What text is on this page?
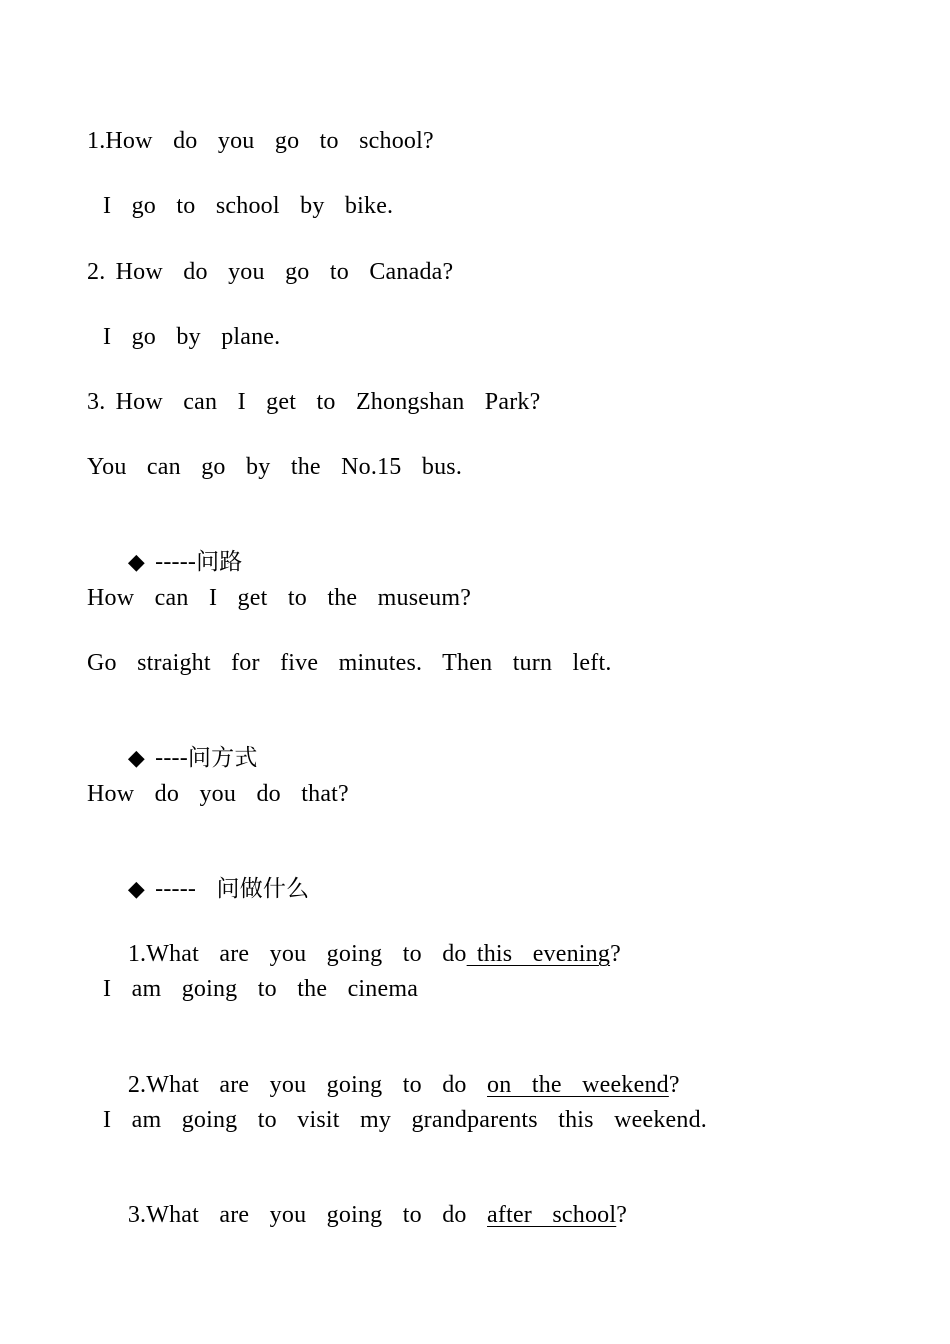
1.How  do  you  go  to  school?
I  go  to  school  by  bike.
2. How  do  you  go  to  Canada?
I  go  by  plane.
3. How  can  I  get  to  Zhongshan  Park?
You  can  go  by  the  No.15  bus.

◆ -----问路

How  can  I  get  to  the  museum?
Go  straight  for  five  minutes.  Then  turn  left.

◆ ----问方式

How  do  you  do  that?

◆ ----- 问做什么

1.What  are  you  going  to  do this  evening?

I  am  going  to  the  cinema

2.What  are  you  going  to  do  on  the  weekend?

I  am  going  to  visit  my  grandparents  this  weekend.

3.What  are  you  going  to  do  after  school?
